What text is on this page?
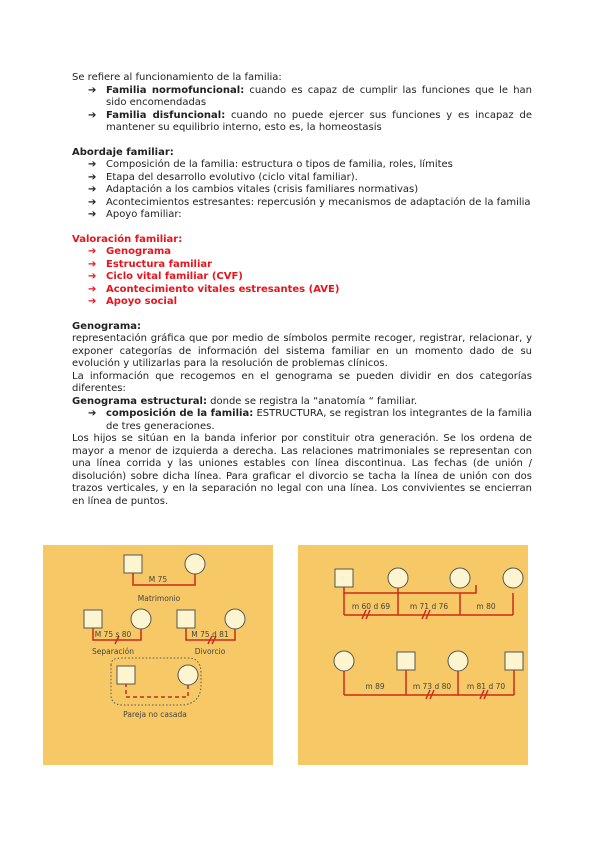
Se refiere al funcionamiento de la familia:

➔ Familia normofuncional: cuando es capaz de cumplir las funciones que le han sido encomendadas
➔ Familia disfuncional: cuando no puede ejercer sus funciones y es incapaz de mantener su equilibrio interno, esto es, la homeostasis

Abordaje familiar:

➔ Composición de la familia: estructura o tipos de familia, roles, límites
➔ Etapa del desarrollo evolutivo (ciclo vital familiar).
➔ Adaptación a los cambios vitales (crisis familiares normativas)
➔ Acontecimientos estresantes: repercusión y mecanismos de adaptación de la familia
➔ Apoyo familiar:

Valoración familiar:

➔ Genograma
➔ Estructura familiar
➔ Ciclo vital familiar (CVF)
➔ Acontecimiento vitales estresantes (AVE)
➔ Apoyo social

Genograma:

representación gráfica que por medio de símbolos permite recoger, registrar, relacionar, y exponer categorías de información del sistema familiar en un momento dado de su evolución y utilizarlas para la resolución de problemas clínicos.

La información que recogemos en el genograma se pueden dividir en dos categorías diferentes:

Genograma estructural: donde se registra la “anatomía “ familiar.

➔ composición de la familia: ESTRUCTURA, se registran los integrantes de la familia de tres generaciones.

Los hijos se sitúan en la banda inferior por constituir otra generación. Se los ordena de mayor a menor de izquierda a derecha. Las relaciones matrimoniales se representan con una línea corrida y las uniones estables con línea discontinua. Las fechas (de unión / disolución) sobre dicha línea. Para graficar el divorcio se tacha la línea de unión con dos trazos verticales, y en la separación no legal con una línea. Los convivientes se encierran en línea de puntos.

M 75
Matrimonio
M 75 s 80
Separación
M 75 d 81
Divorcio
Pareja no casada
m 60 d 69	m 71 d 76	m 80
m 89	m 73 d 80 m 81 d 70
